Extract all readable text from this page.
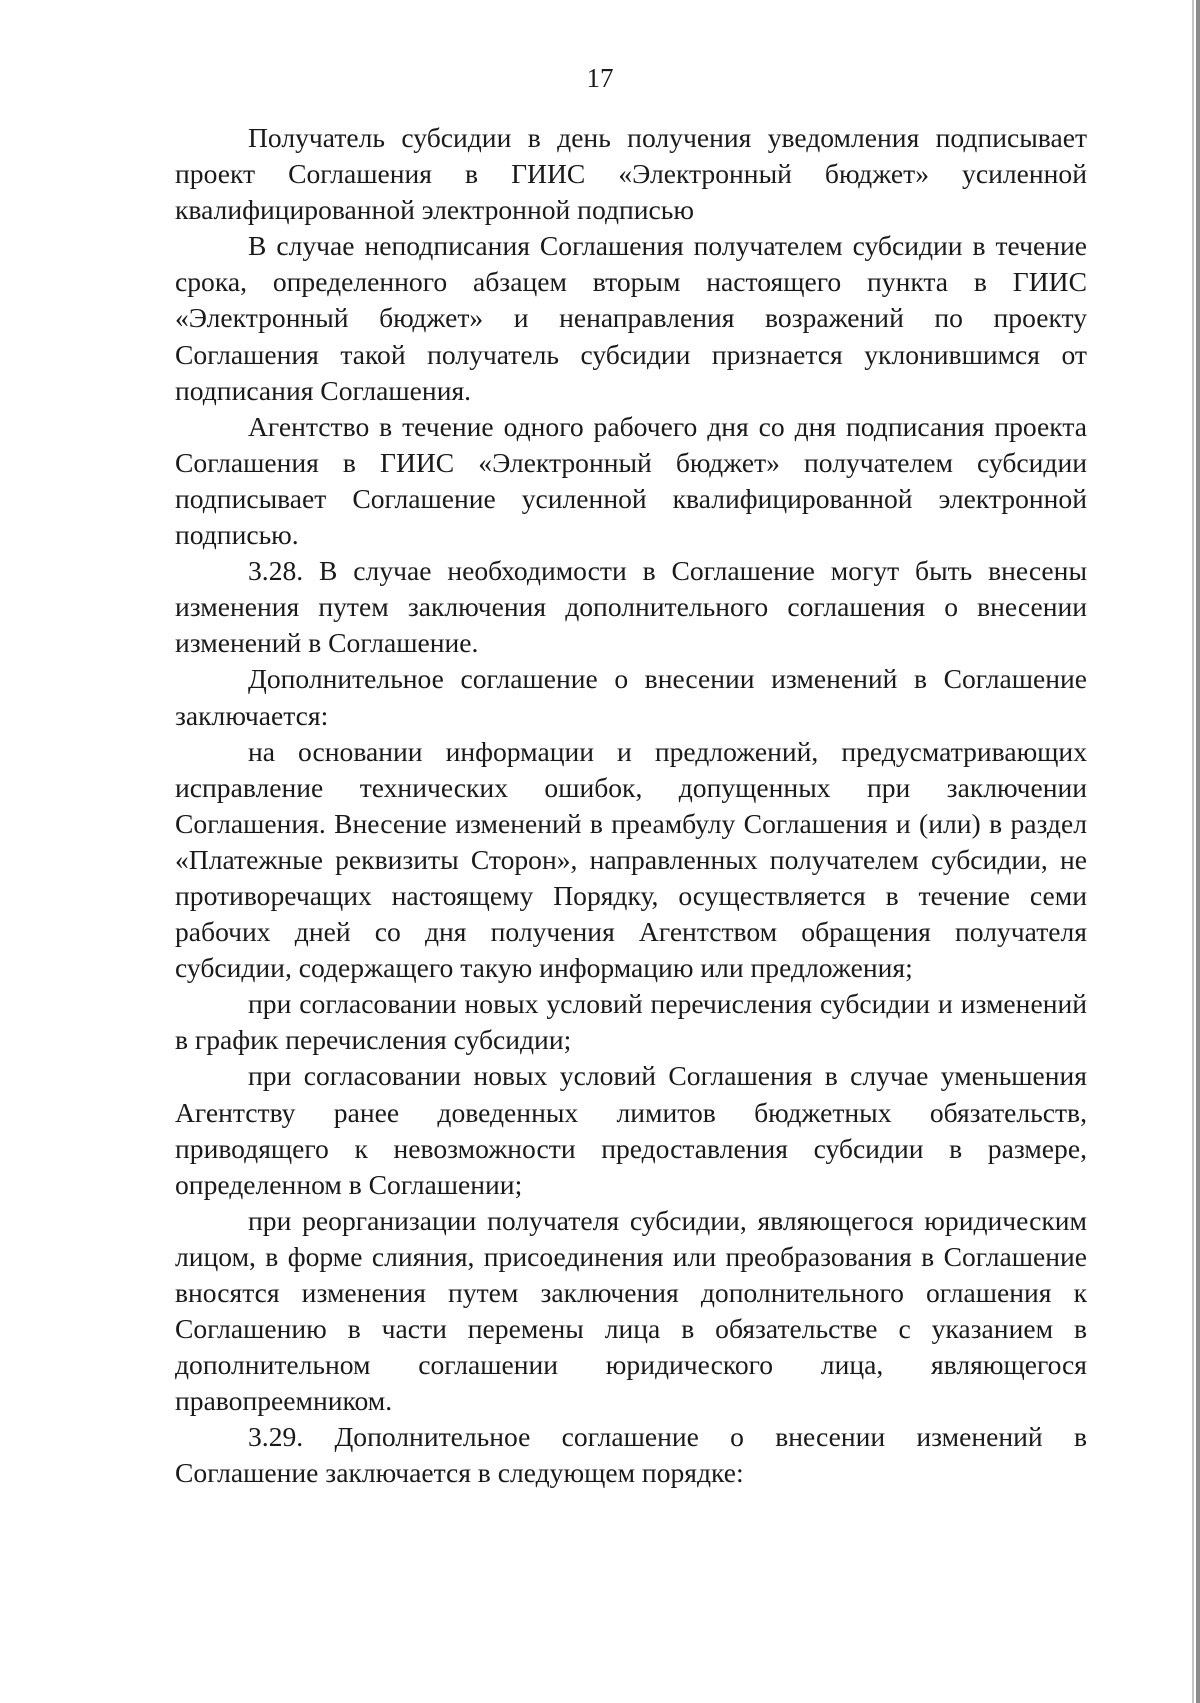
17

Получатель субсидии в день получения уведомления подписывает проект Соглашения в ГИИС «Электронный бюджет» усиленной квалифицированной электронной подписью

В случае неподписания Соглашения получателем субсидии в течение срока, определенного абзацем вторым настоящего пункта в ГИИС «Электронный бюджет» и ненаправления возражений по проекту Соглашения такой получатель субсидии признается уклонившимся от подписания Соглашения.

Агентство в течение одного рабочего дня со дня подписания проекта Соглашения в ГИИС «Электронный бюджет» получателем субсидии подписывает Соглашение усиленной квалифицированной электронной подписью.

3.28. В случае необходимости в Соглашение могут быть внесены изменения путем заключения дополнительного соглашения о внесении изменений в Соглашение.

Дополнительное соглашение о внесении изменений в Соглашение заключается:

на основании информации и предложений, предусматривающих исправление технических ошибок, допущенных при заключении Соглашения. Внесение изменений в преамбулу Соглашения и (или) в раздел «Платежные реквизиты Сторон», направленных получателем субсидии, не противоречащих настоящему Порядку, осуществляется в течение семи рабочих дней со дня получения Агентством обращения получателя субсидии, содержащего такую информацию или предложения;

при согласовании новых условий перечисления субсидии и изменений в график перечисления субсидии;

при согласовании новых условий Соглашения в случае уменьшения Агентству ранее доведенных лимитов бюджетных обязательств, приводящего к невозможности предоставления субсидии в размере, определенном в Соглашении;

при реорганизации получателя субсидии, являющегося юридическим лицом, в форме слияния, присоединения или преобразования в Соглашение вносятся изменения путем заключения дополнительного оглашения к Соглашению в части перемены лица в обязательстве с указанием в дополнительном соглашении юридического лица, являющегося правопреемником.

3.29. Дополнительное соглашение о внесении изменений в Соглашение заключается в следующем порядке:
